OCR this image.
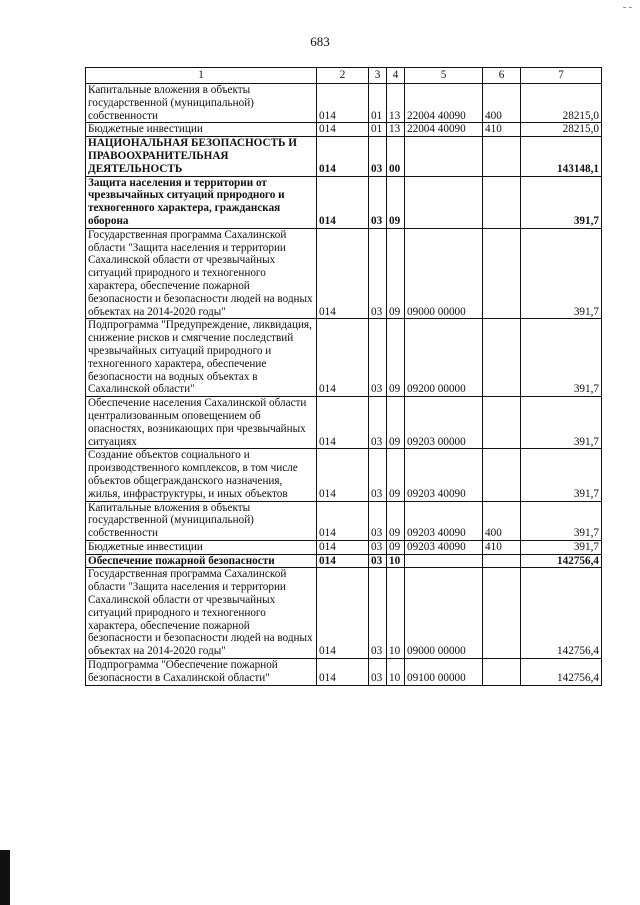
- -
683
1	2	3	4	5	6	7
Капитальные вложения в объекты государственной (муниципальной) собственности	014	01	13	22004 40090	400	28215,0
Бюджетные инвестиции	014	01	13	22004 40090	410	28215,0
НАЦИОНАЛЬНАЯ БЕЗОПАСНОСТЬ И ПРАВООХРАНИТЕЛЬНАЯ ДЕЯТЕЛЬНОСТЬ	014	03	00			143148,1
Защита населения и территории от чрезвычайных ситуаций природного и техногенного характера, гражданская оборона	014	03	09			391,7
Государственная программа Сахалинской области "Защита населения и территории Сахалинской области от чрезвычайных ситуаций природного и техногенного характера, обеспечение пожарной безопасности и безопасности людей на водных объектах на 2014-2020 годы"	014	03	09	09000 00000		391,7
Подпрограмма "Предупреждение, ликвидация, снижение рисков и смягчение последствий чрезвычайных ситуаций природного и техногенного характера, обеспечение безопасности на водных объектах в Сахалинской области"	014	03	09	09200 00000		391,7
Обеспечение населения Сахалинской области централизованным оповещением об опасностях, возникающих при чрезвычайных ситуациях	014	03	09	09203 00000		391,7
Создание объектов социального и производственного комплексов, в том числе объектов общегражданского назначения, жилья, инфраструктуры, и иных объектов	014	03	09	09203 40090		391,7
Капитальные вложения в объекты государственной (муниципальной) собственности	014	03	09	09203 40090	400	391,7
Бюджетные инвестиции	014	03	09	09203 40090	410	391,7
Обеспечение пожарной безопасности	014	03	10			142756,4
Государственная программа Сахалинской области "Защита населения и территории Сахалинской области от чрезвычайных ситуаций природного и техногенного характера, обеспечение пожарной безопасности и безопасности людей на водных объектах на 2014-2020 годы"	014	03	10	09000 00000		142756,4
Подпрограмма "Обеспечение пожарной безопасности в Сахалинской области"	014	03	10	09100 00000		142756,4
